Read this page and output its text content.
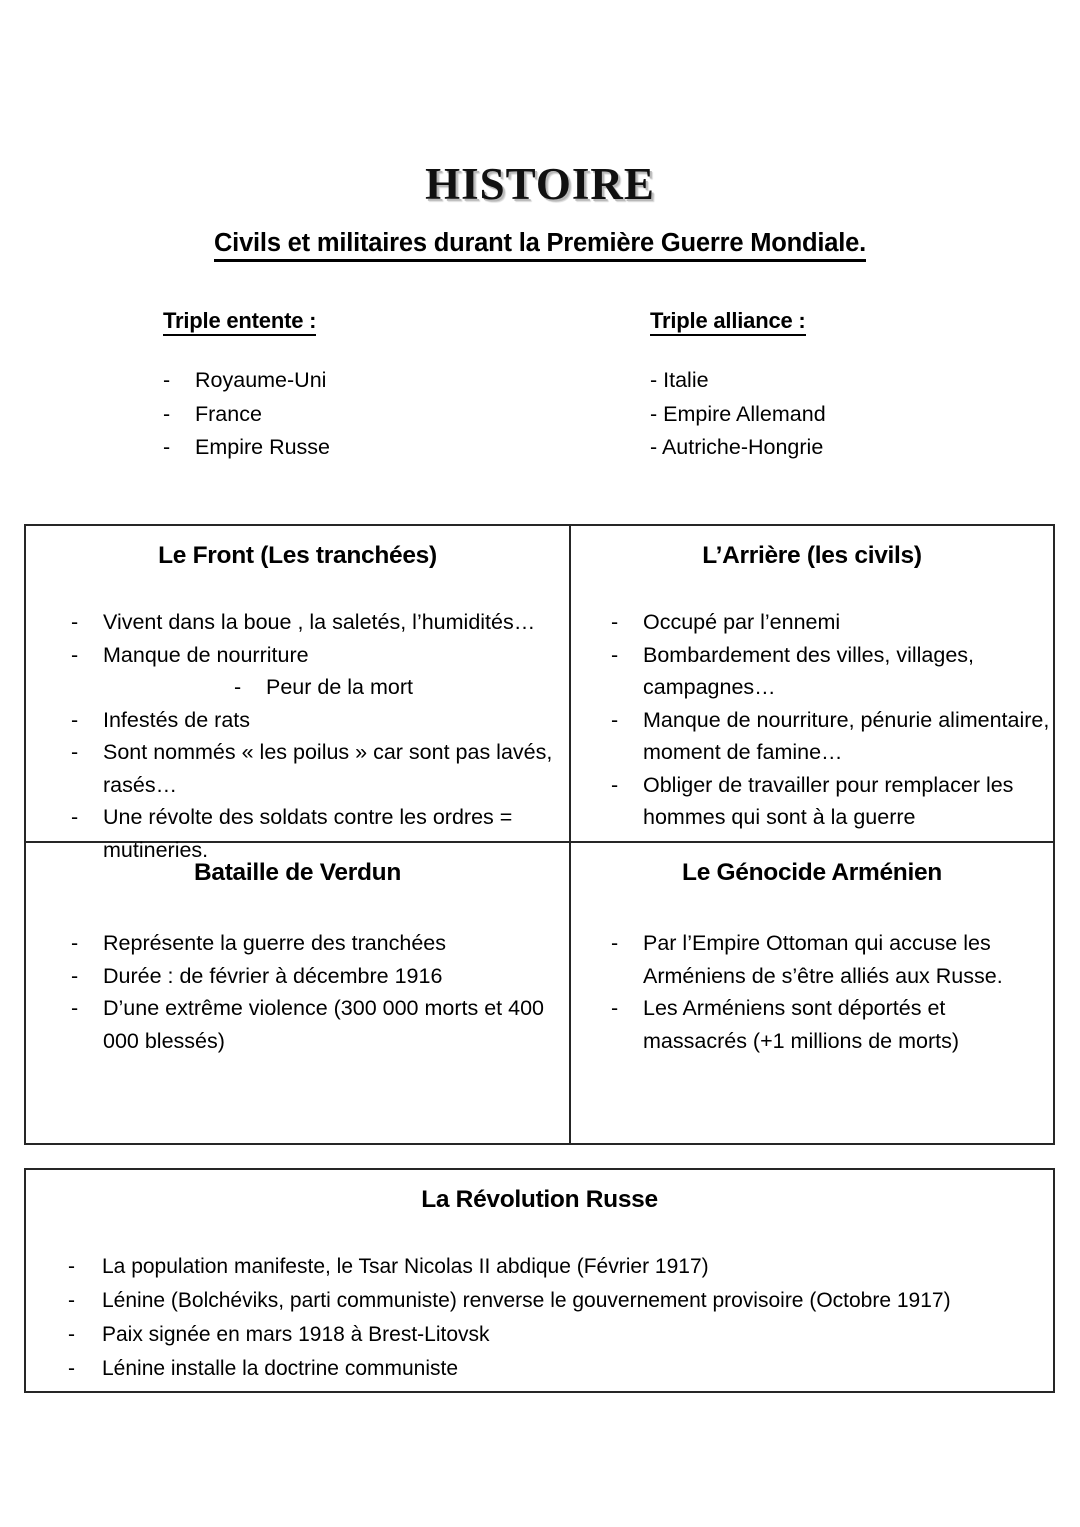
HISTOIRE
Civils et militaires durant la Première Guerre Mondiale.
Triple entente :
- Royaume-Uni
- France
- Empire Russe
Triple alliance :
- Italie
- Empire Allemand
- Autriche-Hongrie
Le Front (Les tranchées)
- Vivent dans la boue , la saletés, l’humidités…
- Manque de nourriture
- Peur de la mort
- Infestés de rats
- Sont nommés « les poilus » car sont pas lavés, rasés…
- Une révolte des soldats contre les ordres = mutineries.
L’Arrière (les civils)
- Occupé par l’ennemi
- Bombardement des villes, villages, campagnes…
- Manque de nourriture, pénurie alimentaire, moment de famine…
- Obliger de travailler pour remplacer les hommes qui sont à la guerre
Bataille de Verdun
- Représente la guerre des tranchées
- Durée : de février à décembre 1916
- D’une extrême violence (300 000 morts et 400 000 blessés)
Le Génocide Arménien
- Par l’Empire Ottoman qui accuse les Arméniens de s’être alliés aux Russe.
- Les Arméniens sont déportés et massacrés (+1 millions de morts)
La Révolution Russe
- La population manifeste, le Tsar Nicolas II abdique (Février 1917)
- Lénine (Bolchéviks, parti communiste) renverse le gouvernement provisoire (Octobre 1917)
- Paix signée en mars 1918 à Brest-Litovsk
- Lénine installe la doctrine communiste
